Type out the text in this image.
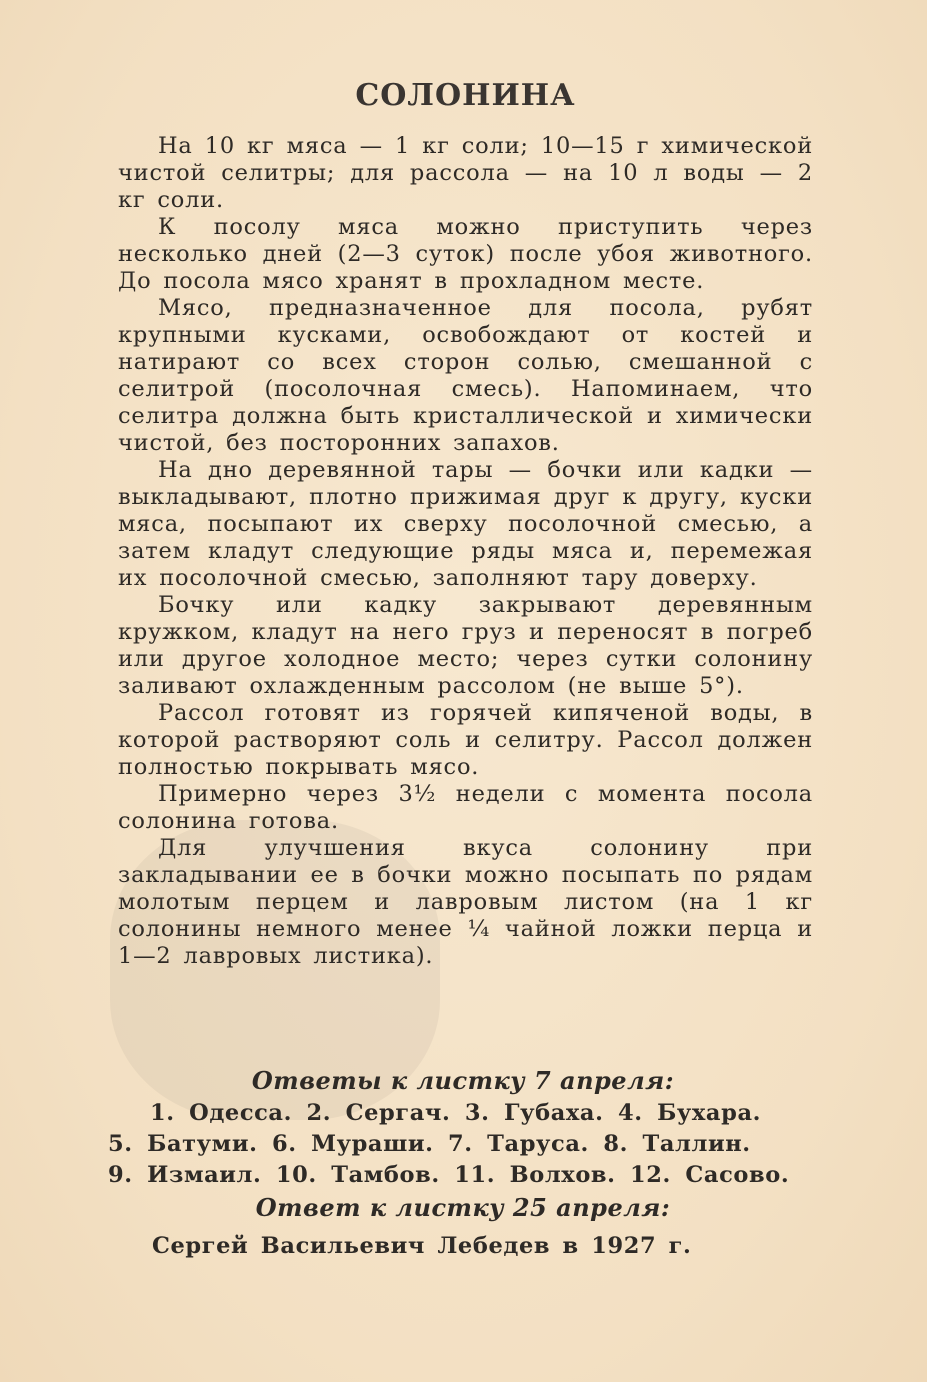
СОЛОНИНА

На 10 кг мяса — 1 кг соли; 10—15 г химической чистой селитры; для рассола — на 10 л воды — 2 кг соли.

К посолу мяса можно приступить через несколько дней (2—3 суток) после убоя животного. До посола мясо хранят в прохладном месте.

Мясо, предназначенное для посола, рубят крупными кусками, освобождают от костей и натирают со всех сторон солью, смешанной с селитрой (посолочная смесь). Напоминаем, что селитра должна быть кристаллической и химически чистой, без посторонних запахов.

На дно деревянной тары — бочки или кадки — выкладывают, плотно прижимая друг к другу, куски мяса, посыпают их сверху посолочной смесью, а затем кладут следующие ряды мяса и, перемежая их посолочной смесью, заполняют тару доверху.

Бочку или кадку закрывают деревянным кружком, кладут на него груз и переносят в погреб или другое холодное место; через сутки солонину заливают охлажденным рассолом (не выше 5°).

Рассол готовят из горячей кипяченой воды, в которой растворяют соль и селитру. Рассол должен полностью покрывать мясо.

Примерно через 3½ недели с момента посола солонина готова.

Для улучшения вкуса солонину при закладывании ее в бочки можно посыпать по рядам молотым перцем и лавровым листом (на 1 кг солонины немного менее ¼ чайной ложки перца и 1—2 лавровых листика).

Ответы к листку 7 апреля:

1. Одесса. 2. Сергач. 3. Губаха. 4. Бухара.

5. Батуми. 6. Мураши. 7. Таруса. 8. Таллин.

9. Измаил. 10. Тамбов. 11. Волхов. 12. Сасово.

Ответ к листку 25 апреля:

Сергей Васильевич Лебедев в 1927 г.
